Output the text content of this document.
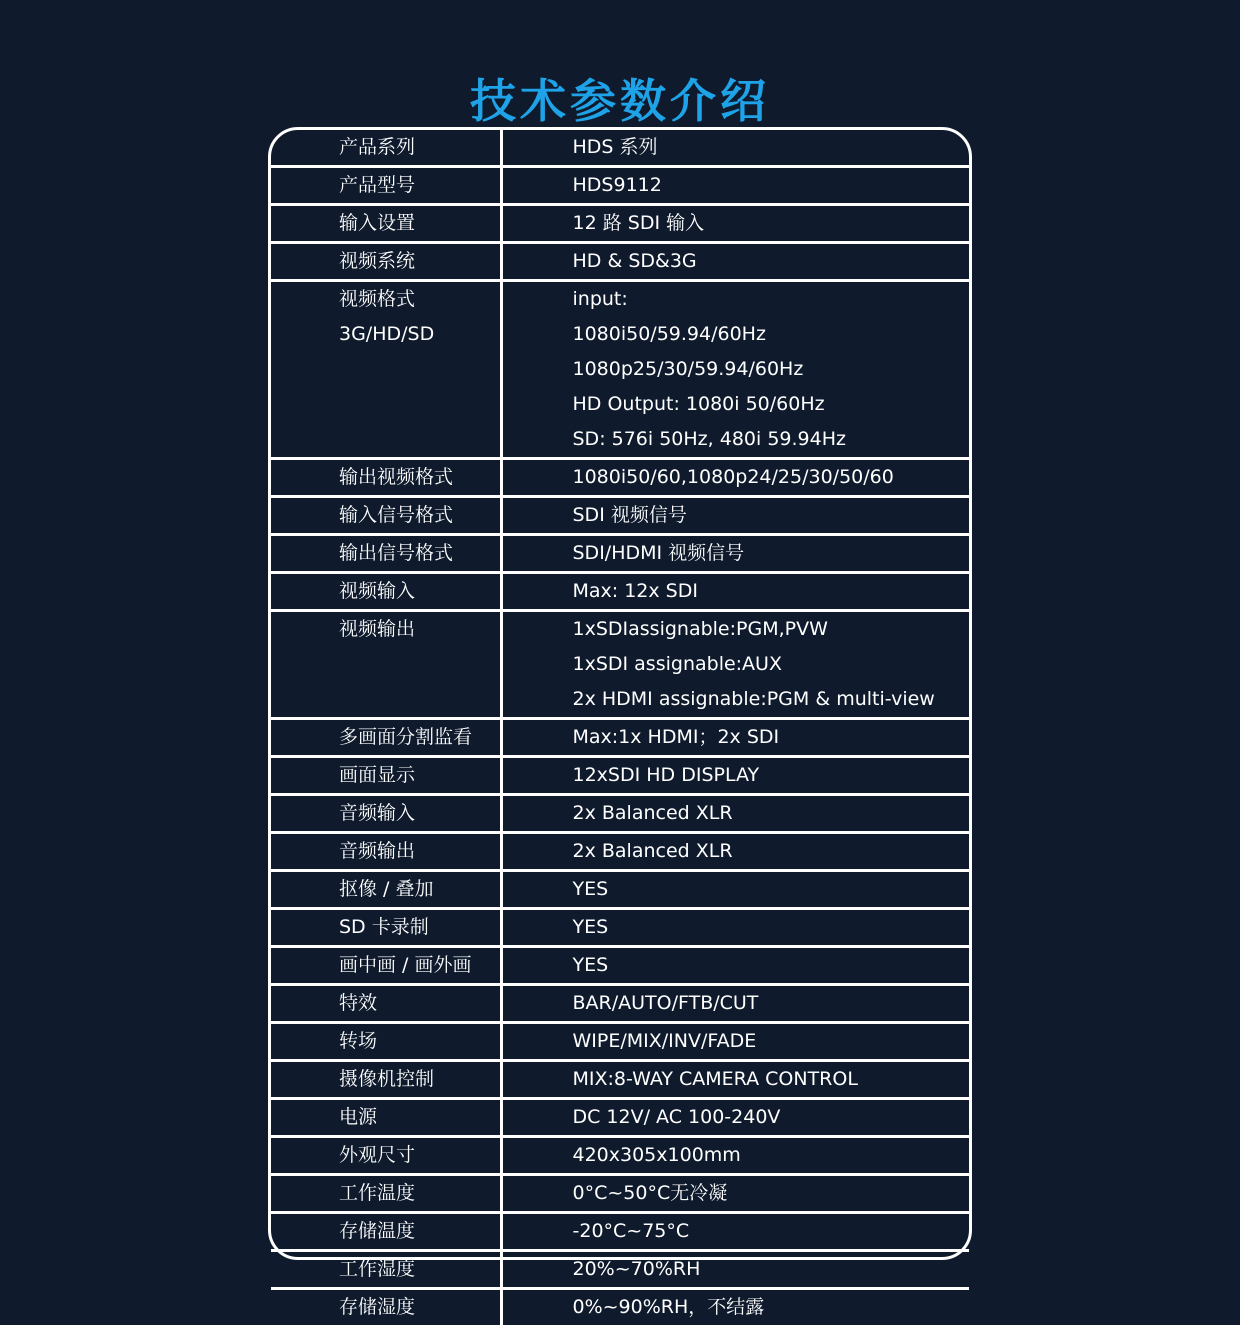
技术参数介绍
产品系列	HDS 系列

产品型号	HDS9112

输入设置	12 路 SDI 输入

视频系统	HD & SD&3G

视频格式
3G/HD/SD	input:
1080i50/59.94/60Hz
1080p25/30/59.94/60Hz
HD Output: 1080i 50/60Hz
SD: 576i 50Hz, 480i 59.94Hz

输出视频格式	1080i50/60,1080p24/25/30/50/60

输入信号格式	SDI 视频信号

输出信号格式	SDI/HDMI 视频信号

视频输入	Max: 12x SDI

视频输出	1xSDIassignable:PGM,PVW
1xSDI assignable:AUX
2x HDMI assignable:PGM & multi-view

多画面分割监看	Max:1x HDMI；2x SDI

画面显示	12xSDI HD DISPLAY

音频输入	2x Balanced XLR

音频输出	2x Balanced XLR

抠像 / 叠加	YES

SD 卡录制	YES

画中画 / 画外画	YES

特效	BAR/AUTO/FTB/CUT

转场	WIPE/MIX/INV/FADE

摄像机控制	MIX:8-WAY CAMERA CONTROL

电源	DC 12V/ AC 100-240V

外观尺寸	420x305x100mm

工作温度	0°C~50°C无冷凝

存储温度	-20°C~75°C

工作湿度	20%~70%RH

存储湿度	0%~90%RH，不结露
